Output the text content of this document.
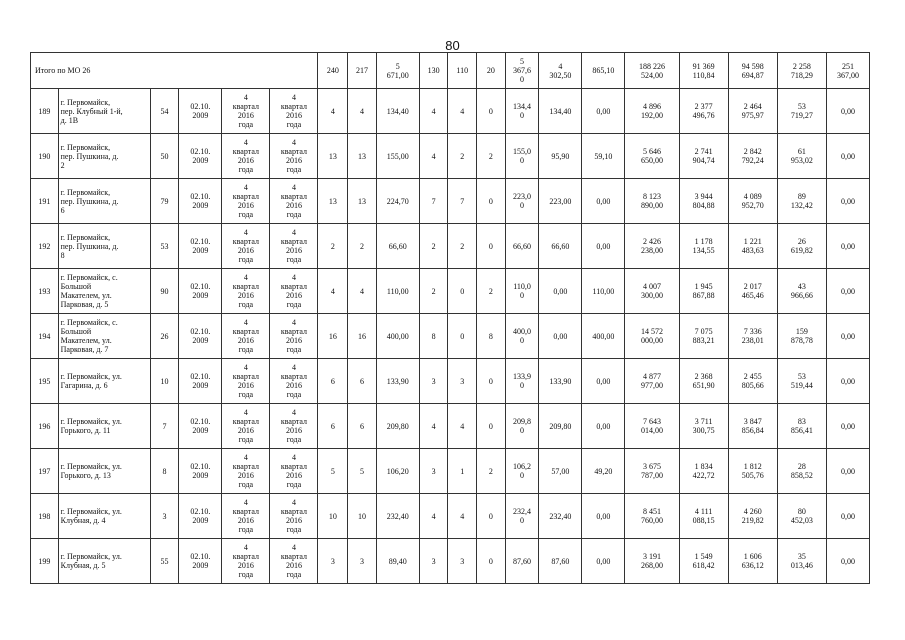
80
Итого по МО 26						240	217	5
671,00	130	110	20	5
367,6
0	4
302,50	865,10	188 226
524,00	91 369
110,84	94 598
694,87	2 258
718,29	251
367,00
189	г. Первомайск,
пер. Клубный 1-й,
д. 1В	54	02.10.
2009	4
квартал
2016
года	4
квартал
2016
года	4	4	134,40	4	4	0	134,4
0	134,40	0,00	4 896
192,00	2 377
496,76	2 464
975,97	53
719,27	0,00
190	г. Первомайск,
пер. Пушкина, д.
2	50	02.10.
2009	4
квартал
2016
года	4
квартал
2016
года	13	13	155,00	4	2	2	155,0
0	95,90	59,10	5 646
650,00	2 741
904,74	2 842
792,24	61
953,02	0,00
191	г. Первомайск,
пер. Пушкина, д.
6	79	02.10.
2009	4
квартал
2016
года	4
квартал
2016
года	13	13	224,70	7	7	0	223,0
0	223,00	0,00	8 123
890,00	3 944
804,88	4 089
952,70	89
132,42	0,00
192	г. Первомайск,
пер. Пушкина, д.
8	53	02.10.
2009	4
квартал
2016
года	4
квартал
2016
года	2	2	66,60	2	2	0	66,60	66,60	0,00	2 426
238,00	1 178
134,55	1 221
483,63	26
619,82	0,00
193	г. Первомайск, с.
Большой
Макателем, ул.
Парковая, д. 5	90	02.10.
2009	4
квартал
2016
года	4
квартал
2016
года	4	4	110,00	2	0	2	110,0
0	0,00	110,00	4 007
300,00	1 945
867,88	2 017
465,46	43
966,66	0,00
194	г. Первомайск, с.
Большой
Макателем, ул.
Парковая, д. 7	26	02.10.
2009	4
квартал
2016
года	4
квартал
2016
года	16	16	400,00	8	0	8	400,0
0	0,00	400,00	14 572
000,00	7 075
883,21	7 336
238,01	159
878,78	0,00
195	г. Первомайск, ул.
Гагарина, д. 6	10	02.10.
2009	4
квартал
2016
года	4
квартал
2016
года	6	6	133,90	3	3	0	133,9
0	133,90	0,00	4 877
977,00	2 368
651,90	2 455
805,66	53
519,44	0,00
196	г. Первомайск, ул.
Горького, д. 11	7	02.10.
2009	4
квартал
2016
года	4
квартал
2016
года	6	6	209,80	4	4	0	209,8
0	209,80	0,00	7 643
014,00	3 711
300,75	3 847
856,84	83
856,41	0,00
197	г. Первомайск, ул.
Горького, д. 13	8	02.10.
2009	4
квартал
2016
года	4
квартал
2016
года	5	5	106,20	3	1	2	106,2
0	57,00	49,20	3 675
787,00	1 834
422,72	1 812
505,76	28
858,52	0,00
198	г. Первомайск, ул.
Клубная, д. 4	3	02.10.
2009	4
квартал
2016
года	4
квартал
2016
года	10	10	232,40	4	4	0	232,4
0	232,40	0,00	8 451
760,00	4 111
088,15	4 260
219,82	80
452,03	0,00
199	г. Первомайск, ул.
Клубная, д. 5	55	02.10.
2009	4
квартал
2016
года	4
квартал
2016
года	3	3	89,40	3	3	0	87,60	87,60	0,00	3 191
268,00	1 549
618,42	1 606
636,12	35
013,46	0,00
